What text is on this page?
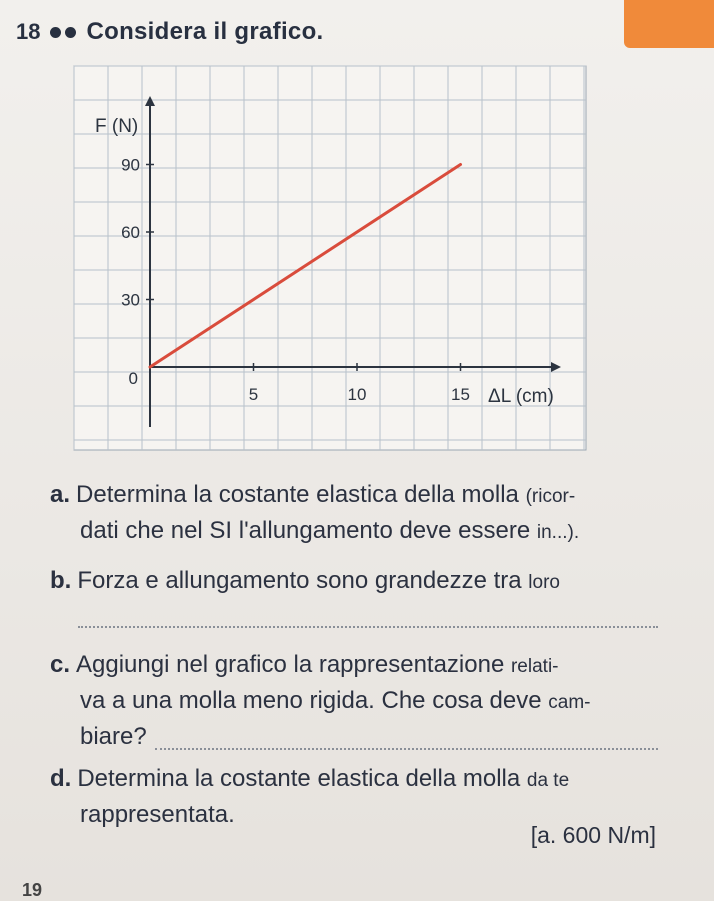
18 Considera il grafico.
30
60
90
5	10	15
0
F (N)
ΔL (cm)
a. Determina la costante elastica della molla (ricor-
dati che nel SI l'allungamento deve essere in...).
b. Forza e allungamento sono grandezze tra loro
c. Aggiungi nel grafico la rappresentazione relati-
va a una molla meno rigida. Che cosa deve cam-
biare?
d. Determina la costante elastica della molla da te
rappresentata.
[a. 600 N/m]
19
